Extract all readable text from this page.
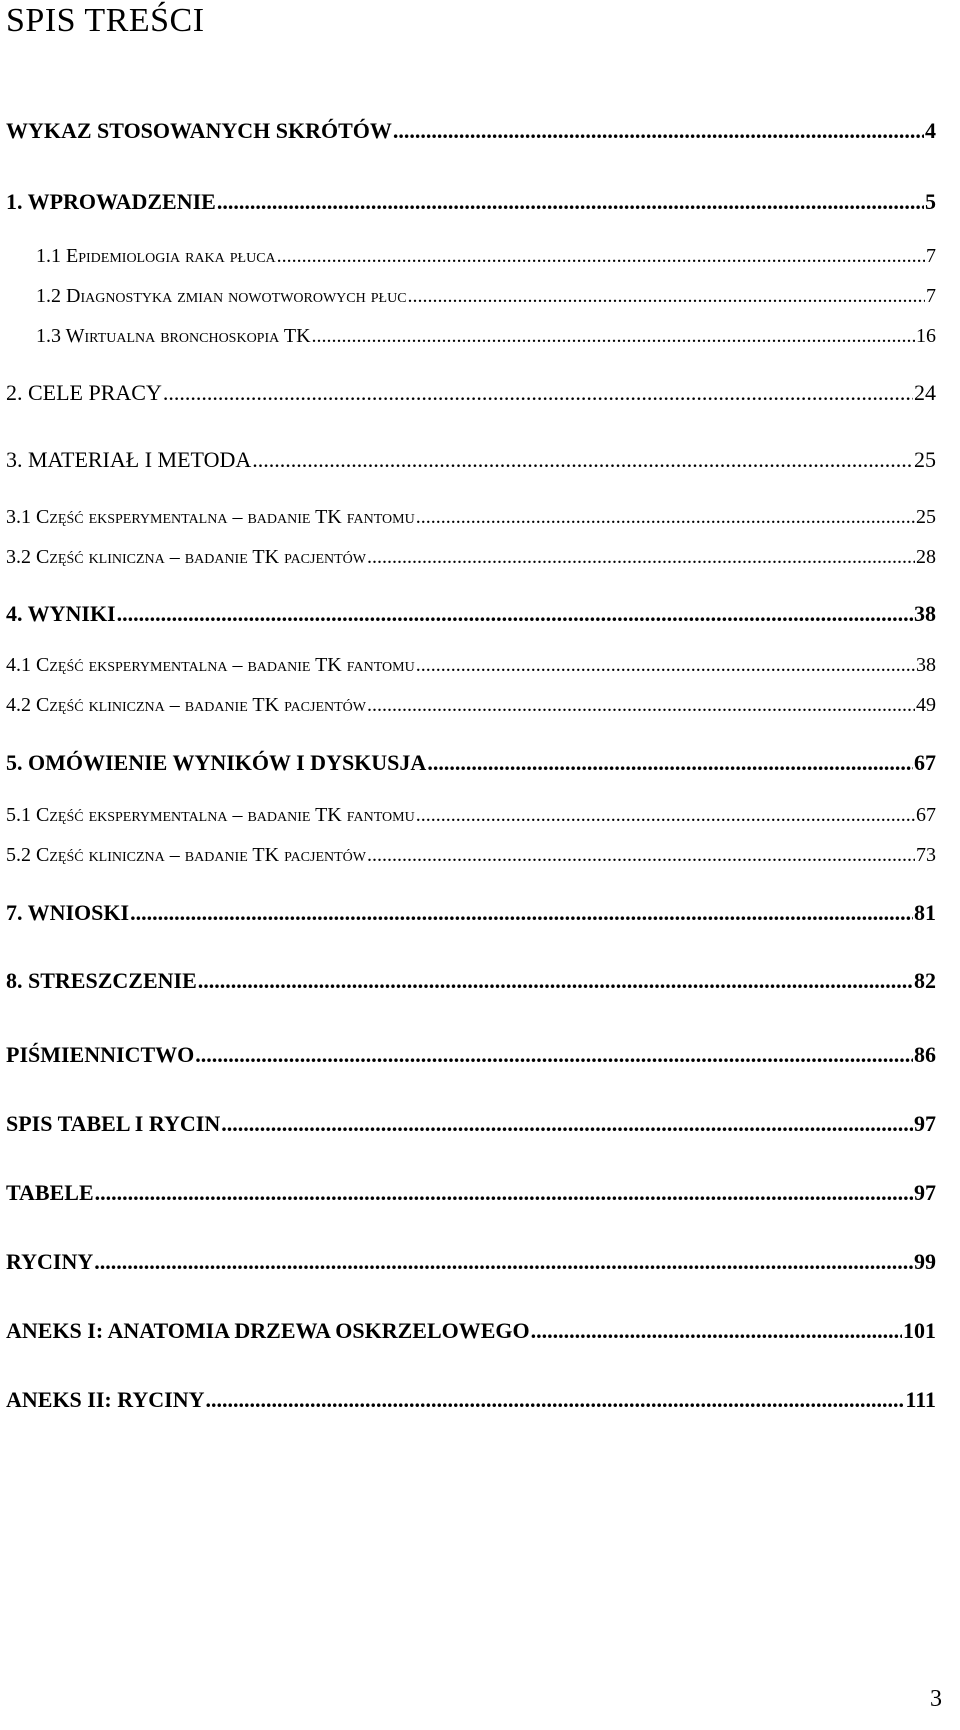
SPIS TREŚCI
WYKAZ STOSOWANYCH SKRÓTÓW .....	4
1. WPROWADZENIE .....	5
1.1 Epidemiologia raka płuca .....	7
1.2 Diagnostyka zmian nowotworowych płuc .....	7
1.3 Wirtualna bronchoskopia TK .....	16
2. CELE PRACY .....	24
3. MATERIAŁ I METODA .....	25
3.1 Część eksperymentalna – badanie TK fantomu .....	25
3.2 Część kliniczna – badanie TK pacjentów .....	28
4. WYNIKI .....	38
4.1 Część eksperymentalna – badanie TK fantomu .....	38
4.2 Część kliniczna – badanie TK pacjentów .....	49
5. OMÓWIENIE WYNIKÓW I DYSKUSJA .....	67
5.1 Część eksperymentalna – badanie TK fantomu .....	67
5.2 Część kliniczna – badanie TK pacjentów .....	73
7. WNIOSKI .....	81
8. STRESZCZENIE .....	82
PIŚMIENNICTWO .....	86
SPIS TABEL I RYCIN .....	97
TABELE .....	97
RYCINY .....	99
ANEKS I: ANATOMIA DRZEWA OSKRZELOWEGO .....	101
ANEKS II: RYCINY .....	111
3
